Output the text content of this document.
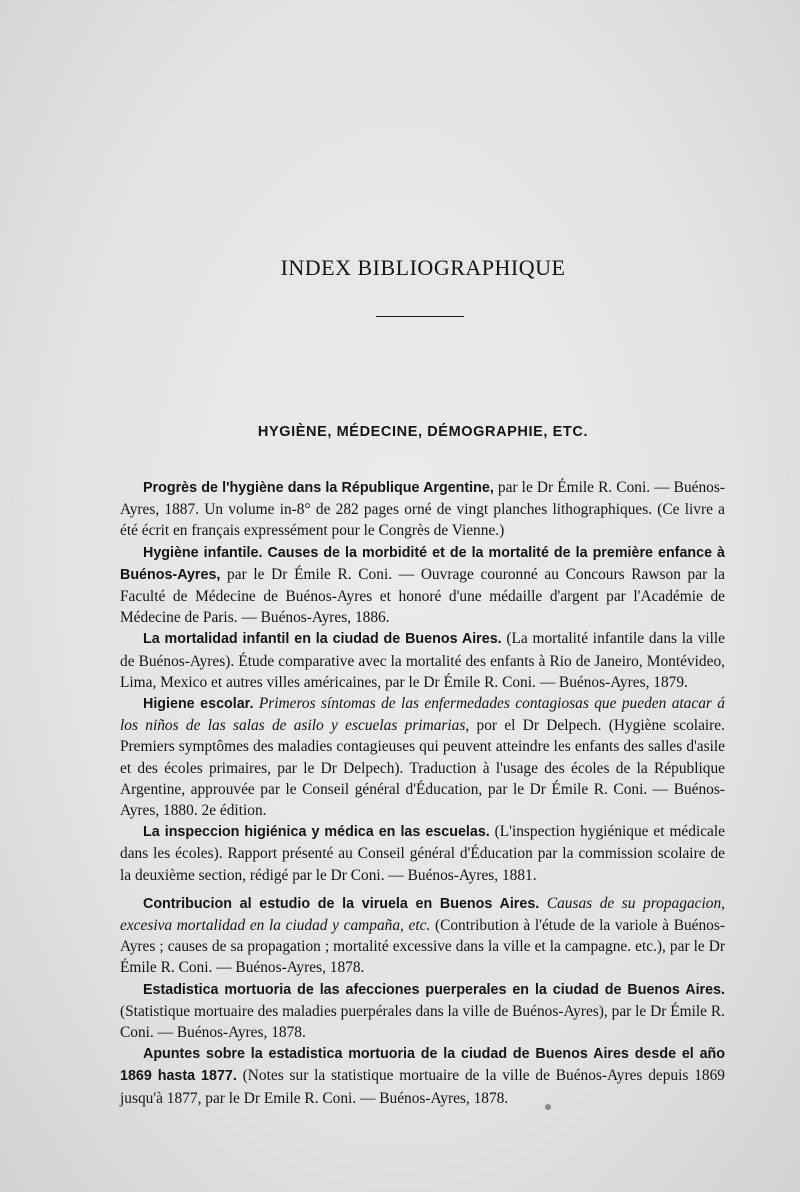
INDEX BIBLIOGRAPHIQUE
HYGIÈNE, MÉDECINE, DÉMOGRAPHIE, ETC.

Progrès de l'hygiène dans la République Argentine, par le Dr Émile R. Coni. — Buénos-Ayres, 1887. Un volume in-8° de 282 pages orné de vingt planches lithographiques. (Ce livre a été écrit en français expressément pour le Congrès de Vienne.)

Hygiène infantile. Causes de la morbidité et de la mortalité de la première enfance à Buénos-Ayres, par le Dr Émile R. Coni. — Ouvrage couronné au Concours Rawson par la Faculté de Médecine de Buénos-Ayres et honoré d'une médaille d'argent par l'Académie de Médecine de Paris. — Buénos-Ayres, 1886.

La mortalidad infantil en la ciudad de Buenos Aires. (La mortalité infantile dans la ville de Buénos-Ayres). Étude comparative avec la mortalité des enfants à Rio de Janeiro, Montévideo, Lima, Mexico et autres villes américaines, par le Dr Émile R. Coni. — Buénos-Ayres, 1879.

Higiene escolar. Primeros síntomas de las enfermedades contagiosas que pueden atacar á los niños de las salas de asilo y escuelas primarias, por el Dr Delpech. (Hygiène scolaire. Premiers symptômes des maladies contagieuses qui peuvent atteindre les enfants des salles d'asile et des écoles primaires, par le Dr Delpech). Traduction à l'usage des écoles de la République Argentine, approuvée par le Conseil général d'Éducation, par le Dr Émile R. Coni. — Buénos-Ayres, 1880. 2e édition.

La inspeccion higiénica y médica en las escuelas. (L'inspection hygiénique et médicale dans les écoles). Rapport présenté au Conseil général d'Éducation par la commission scolaire de la deuxième section, rédigé par le Dr Coni. — Buénos-Ayres, 1881.

Contribucion al estudio de la viruela en Buenos Aires. Causas de su propagacion, excesiva mortalidad en la ciudad y campaña, etc. (Contribution à l'étude de la variole à Buénos-Ayres ; causes de sa propagation ; mortalité excessive dans la ville et la campagne. etc.), par le Dr Émile R. Coni. — Buénos-Ayres, 1878.

Estadistica mortuoria de las afecciones puerperales en la ciudad de Buenos Aires. (Statistique mortuaire des maladies puerpérales dans la ville de Buénos-Ayres), par le Dr Émile R. Coni. — Buénos-Ayres, 1878.

Apuntes sobre la estadistica mortuoria de la ciudad de Buenos Aires desde el año 1869 hasta 1877. (Notes sur la statistique mortuaire de la ville de Buénos-Ayres depuis 1869 jusqu'à 1877, par le Dr Emile R. Coni. — Buénos-Ayres, 1878.
